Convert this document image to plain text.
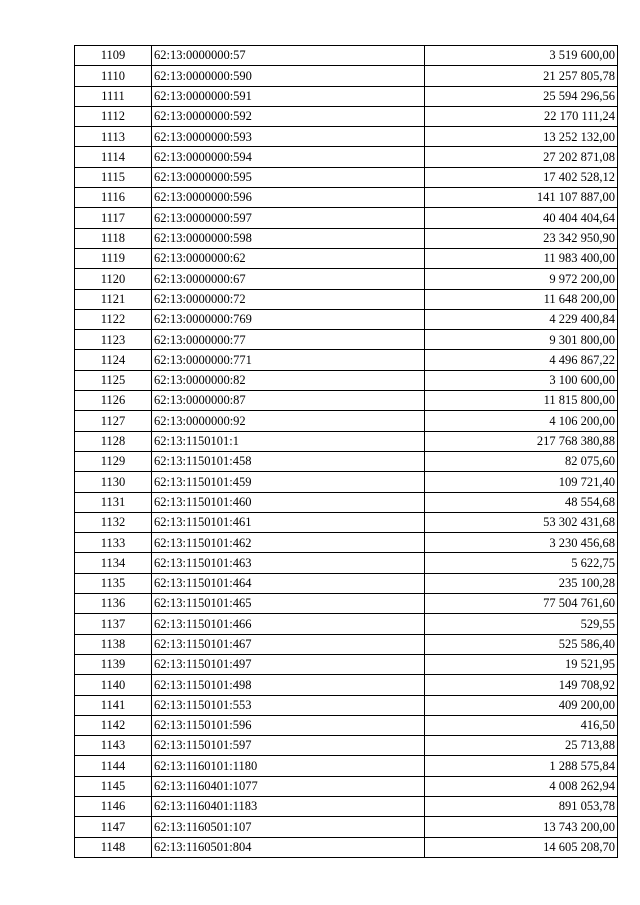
1109	62:13:0000000:57	3 519 600,00
1110	62:13:0000000:590	21 257 805,78
1111	62:13:0000000:591	25 594 296,56
1112	62:13:0000000:592	22 170 111,24
1113	62:13:0000000:593	13 252 132,00
1114	62:13:0000000:594	27 202 871,08
1115	62:13:0000000:595	17 402 528,12
1116	62:13:0000000:596	141 107 887,00
1117	62:13:0000000:597	40 404 404,64
1118	62:13:0000000:598	23 342 950,90
1119	62:13:0000000:62	11 983 400,00
1120	62:13:0000000:67	9 972 200,00
1121	62:13:0000000:72	11 648 200,00
1122	62:13:0000000:769	4 229 400,84
1123	62:13:0000000:77	9 301 800,00
1124	62:13:0000000:771	4 496 867,22
1125	62:13:0000000:82	3 100 600,00
1126	62:13:0000000:87	11 815 800,00
1127	62:13:0000000:92	4 106 200,00
1128	62:13:1150101:1	217 768 380,88
1129	62:13:1150101:458	82 075,60
1130	62:13:1150101:459	109 721,40
1131	62:13:1150101:460	48 554,68
1132	62:13:1150101:461	53 302 431,68
1133	62:13:1150101:462	3 230 456,68
1134	62:13:1150101:463	5 622,75
1135	62:13:1150101:464	235 100,28
1136	62:13:1150101:465	77 504 761,60
1137	62:13:1150101:466	529,55
1138	62:13:1150101:467	525 586,40
1139	62:13:1150101:497	19 521,95
1140	62:13:1150101:498	149 708,92
1141	62:13:1150101:553	409 200,00
1142	62:13:1150101:596	416,50
1143	62:13:1150101:597	25 713,88
1144	62:13:1160101:1180	1 288 575,84
1145	62:13:1160401:1077	4 008 262,94
1146	62:13:1160401:1183	891 053,78
1147	62:13:1160501:107	13 743 200,00
1148	62:13:1160501:804	14 605 208,70
